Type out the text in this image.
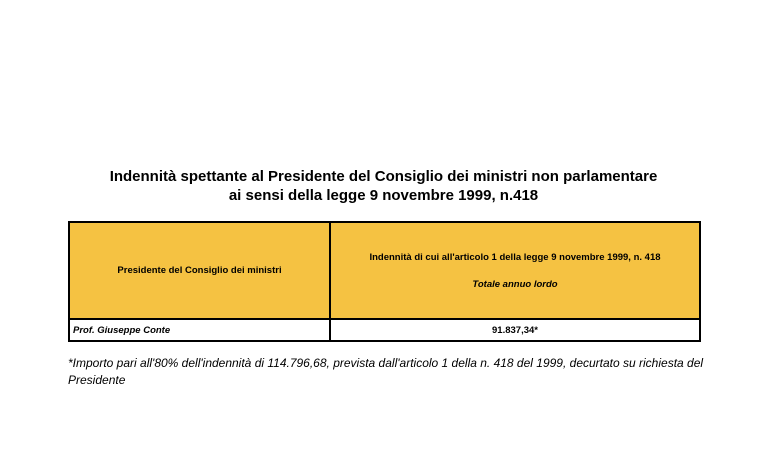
Indennità spettante al Presidente del Consiglio dei ministri non parlamentare
ai sensi della legge 9 novembre 1999, n.418
Presidente del Consiglio dei ministri	Indennità di cui all'articolo 1 della legge 9 novembre 1999, n. 418
Totale annuo lordo

Prof. Giuseppe Conte	91.837,34*
*Importo pari all'80% dell'indennità di 114.796,68, prevista dall'articolo 1 della n. 418 del 1999, decurtato su richiesta del Presidente
